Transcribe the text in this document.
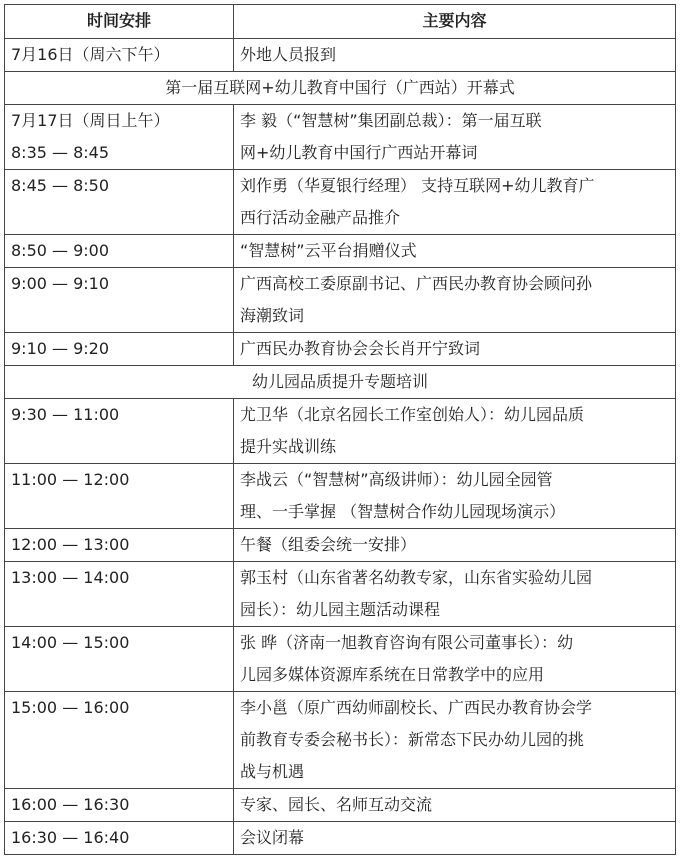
时间安排	主要内容

7月16日（周六下午）	外地人员报到

第一届互联网+幼儿教育中国行（广西站）开幕式	

7月17日（周日上午）
8:35 — 8:45	李 毅（“智慧树”集团副总裁）：第一届互联
网+幼儿教育中国行广西站开幕词

8:45 — 8:50	刘作勇（华夏银行经理） 支持互联网+幼儿教育广
西行活动金融产品推介

8:50 — 9:00	“智慧树”云平台捐赠仪式

9:00 — 9:10	广西高校工委原副书记、广西民办教育协会顾问孙
海潮致词

9:10 — 9:20	广西民办教育协会会长肖开宁致词

幼儿园品质提升专题培训	

9:30 — 11:00	尤卫华（北京名园长工作室创始人）：幼儿园品质
提升实战训练

11:00 — 12:00	李战云（“智慧树”高级讲师）：幼儿园全园管
理、一手掌握 （智慧树合作幼儿园现场演示）

12:00 — 13:00	午餐（组委会统一安排）

13:00 — 14:00	郭玉村（山东省著名幼教专家，山东省实验幼儿园
园长）：幼儿园主题活动课程

14:00 — 15:00	张 晔（济南一旭教育咨询有限公司董事长）：幼
儿园多媒体资源库系统在日常教学中的应用

15:00 — 16:00	李小邕（原广西幼师副校长、广西民办教育协会学
前教育专委会秘书长）：新常态下民办幼儿园的挑
战与机遇

16:00 — 16:30	专家、园长、名师互动交流

16:30 — 16:40	会议闭幕
